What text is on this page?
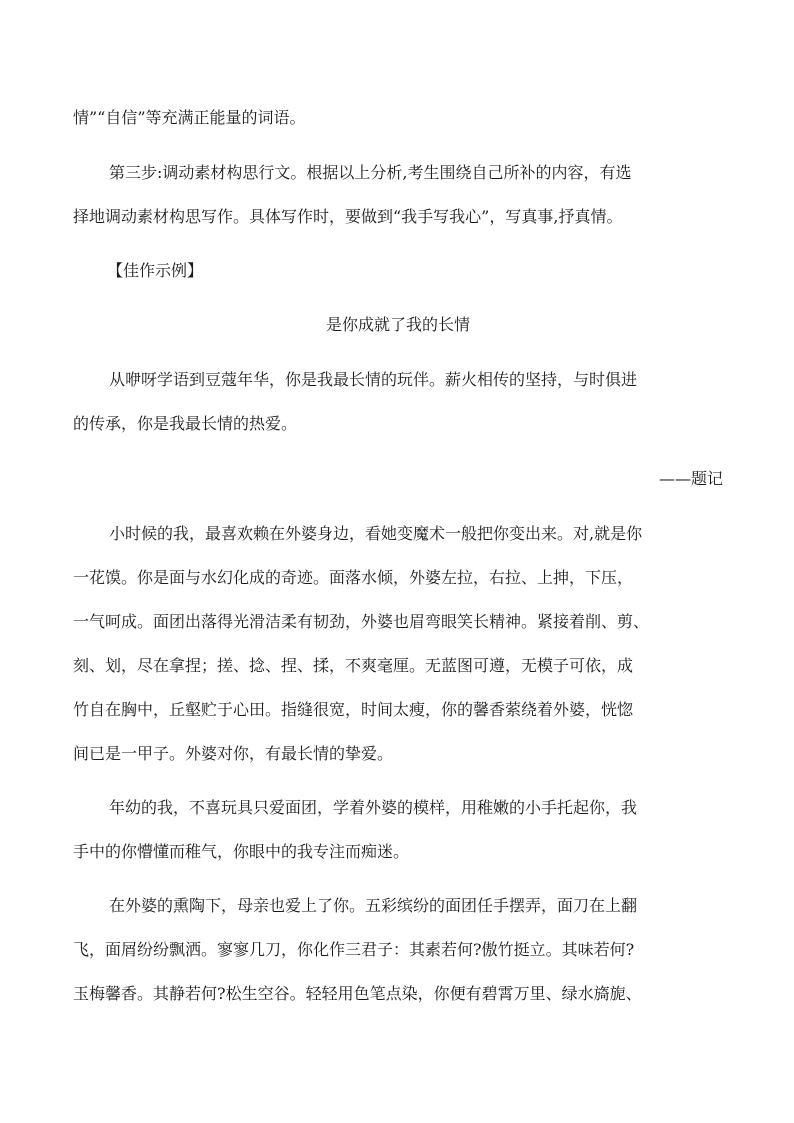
情”“自信”等充满正能量的词语。
第三步:调动素材构思行文。根据以上分析,考生围绕自己所补的内容，有选
择地调动素材构思写作。具体写作时，要做到“我手写我心”，写真事,抒真情。
【佳作示例】
是你成就了我的长情
从咿呀学语到豆蔻年华，你是我最长情的玩伴。薪火相传的坚持，与时俱进
的传承，你是我最长情的热爱。
——题记
小时候的我，最喜欢赖在外婆身边，看她变魔术一般把你变出来。对,就是你
一花馍。你是面与水幻化成的奇迹。面落水倾，外婆左拉，右拉、上抻，下压，
一气呵成。面团出落得光滑洁柔有韧劲，外婆也眉弯眼笑长精神。紧接着削、剪、
刻、划，尽在拿捏；搓、捻、捏、揉，不爽毫厘。无蓝图可遵，无模子可依，成
竹自在胸中，丘壑贮于心田。指缝很宽，时间太瘦，你的馨香萦绕着外婆，恍惚
间已是一甲子。外婆对你，有最长情的挚爱。
年幼的我，不喜玩具只爱面团，学着外婆的模样，用稚嫩的小手托起你，我
手中的你懵懂而稚气，你眼中的我专注而痴迷。
在外婆的熏陶下，母亲也爱上了你。五彩缤纷的面团任手摆弄，面刀在上翻
飞，面屑纷纷飘洒。寥寥几刀，你化作三君子：其素若何?傲竹挺立。其味若何?
玉梅馨香。其静若何?松生空谷。轻轻用色笔点染，你便有碧霄万里、绿水旖旎、
